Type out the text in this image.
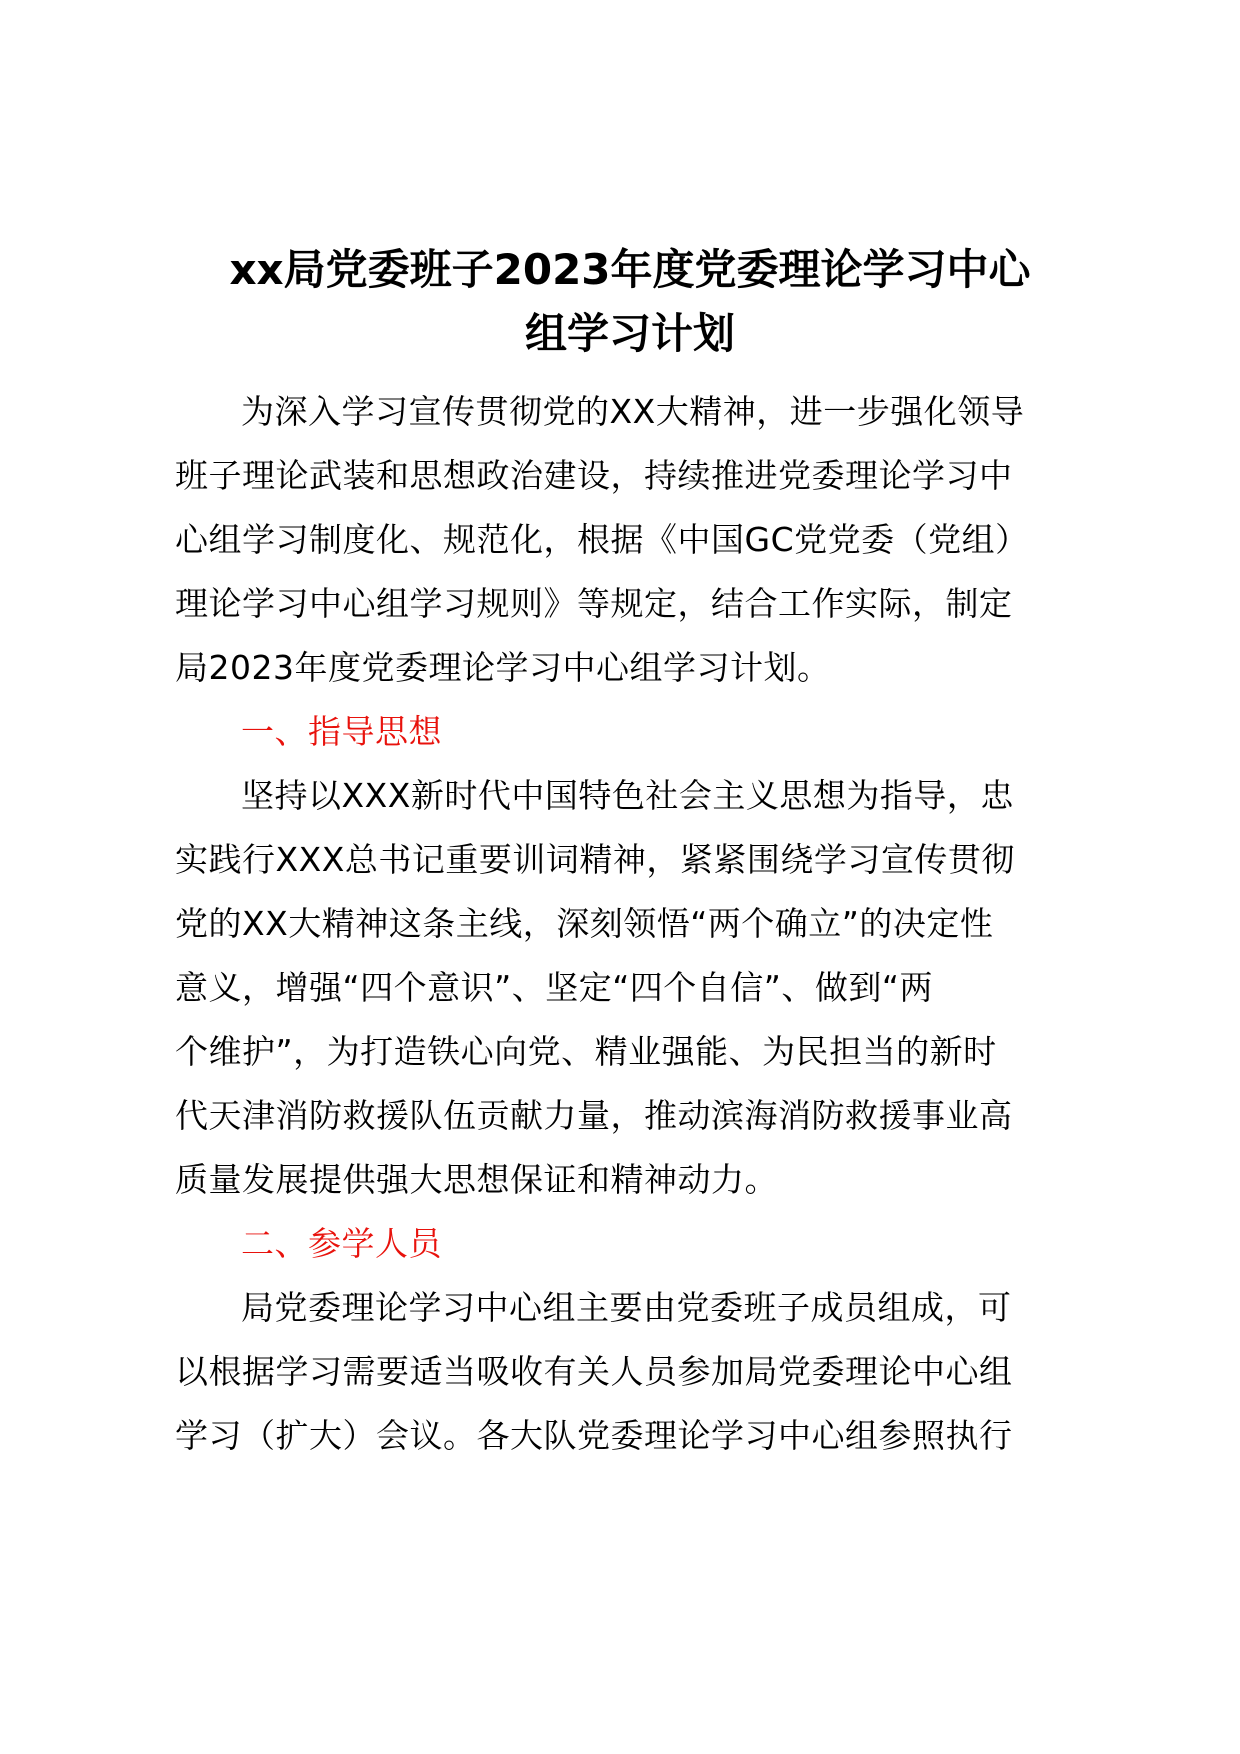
xx局党委班子2023年度党委理论学习中心
组学习计划
为深入学习宣传贯彻党的XX大精神，进一步强化领导
班子理论武装和思想政治建设，持续推进党委理论学习中
心组学习制度化、规范化，根据《中国GC党党委（党组）
理论学习中心组学习规则》等规定，结合工作实际，制定
局2023年度党委理论学习中心组学习计划。
一、指导思想
坚持以XXX新时代中国特色社会主义思想为指导，忠
实践行XXX总书记重要训词精神，紧紧围绕学习宣传贯彻
党的XX大精神这条主线，深刻领悟“两个确立”的决定性
意义，增强“四个意识”、坚定“四个自信”、做到“两
个维护”，为打造铁心向党、精业强能、为民担当的新时
代天津消防救援队伍贡献力量，推动滨海消防救援事业高
质量发展提供强大思想保证和精神动力。
二、参学人员
局党委理论学习中心组主要由党委班子成员组成，可
以根据学习需要适当吸收有关人员参加局党委理论中心组
学习（扩大）会议。各大队党委理论学习中心组参照执行
